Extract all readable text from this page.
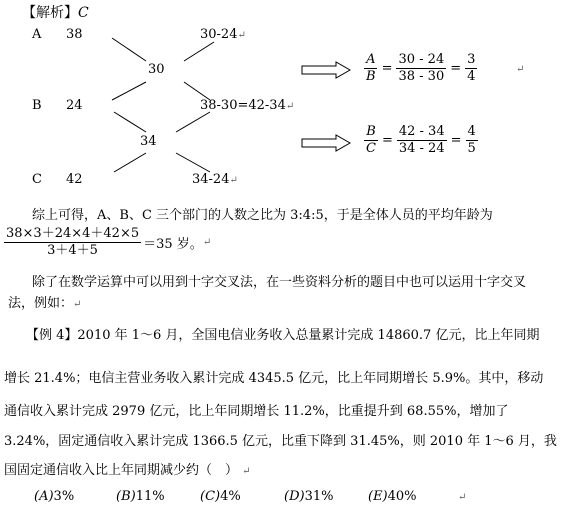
【解析】C
A 38	30-24↵
30
B 24	38-30=42-34↵
34
C 42	34-24↵
$\frac{A}{B} = \frac{30 - 24}{38 - 30} = \frac{3}{4}$	↵
$\frac{B}{C} = \frac{42 - 34}{34 - 24} = \frac{4}{5}$
综上可得，A、B、C 三个部门的人数之比为 3:4:5，于是全体人员的平均年龄为
$\frac{38\times 3+24\times 4+42\times 5}{3+4+5} =35$ 岁。 ↵
除了在数学运算中可以用到十字交叉法，在一些资料分析的题目中也可以运用十字交叉
法，例如：↵
【例 4】2010 年 1～6 月，全国电信业务收入总量累计完成 14860.7 亿元，比上年同期
增长 21.4%；电信主营业务收入累计完成 4345.5 亿元，比上年同期增长 5.9%。其中，移动
通信收入累计完成 2979 亿元，比上年同期增长 11.2%，比重提升到 68.55%，增加了
3.24%，固定通信收入累计完成 1366.5 亿元，比重下降到 31.45%，则 2010 年 1～6 月，我
国固定通信收入比上年同期减少约（　） ↵
(A)3%	(B)11%	(C)4%	(D)31%	(E)40%	↵
